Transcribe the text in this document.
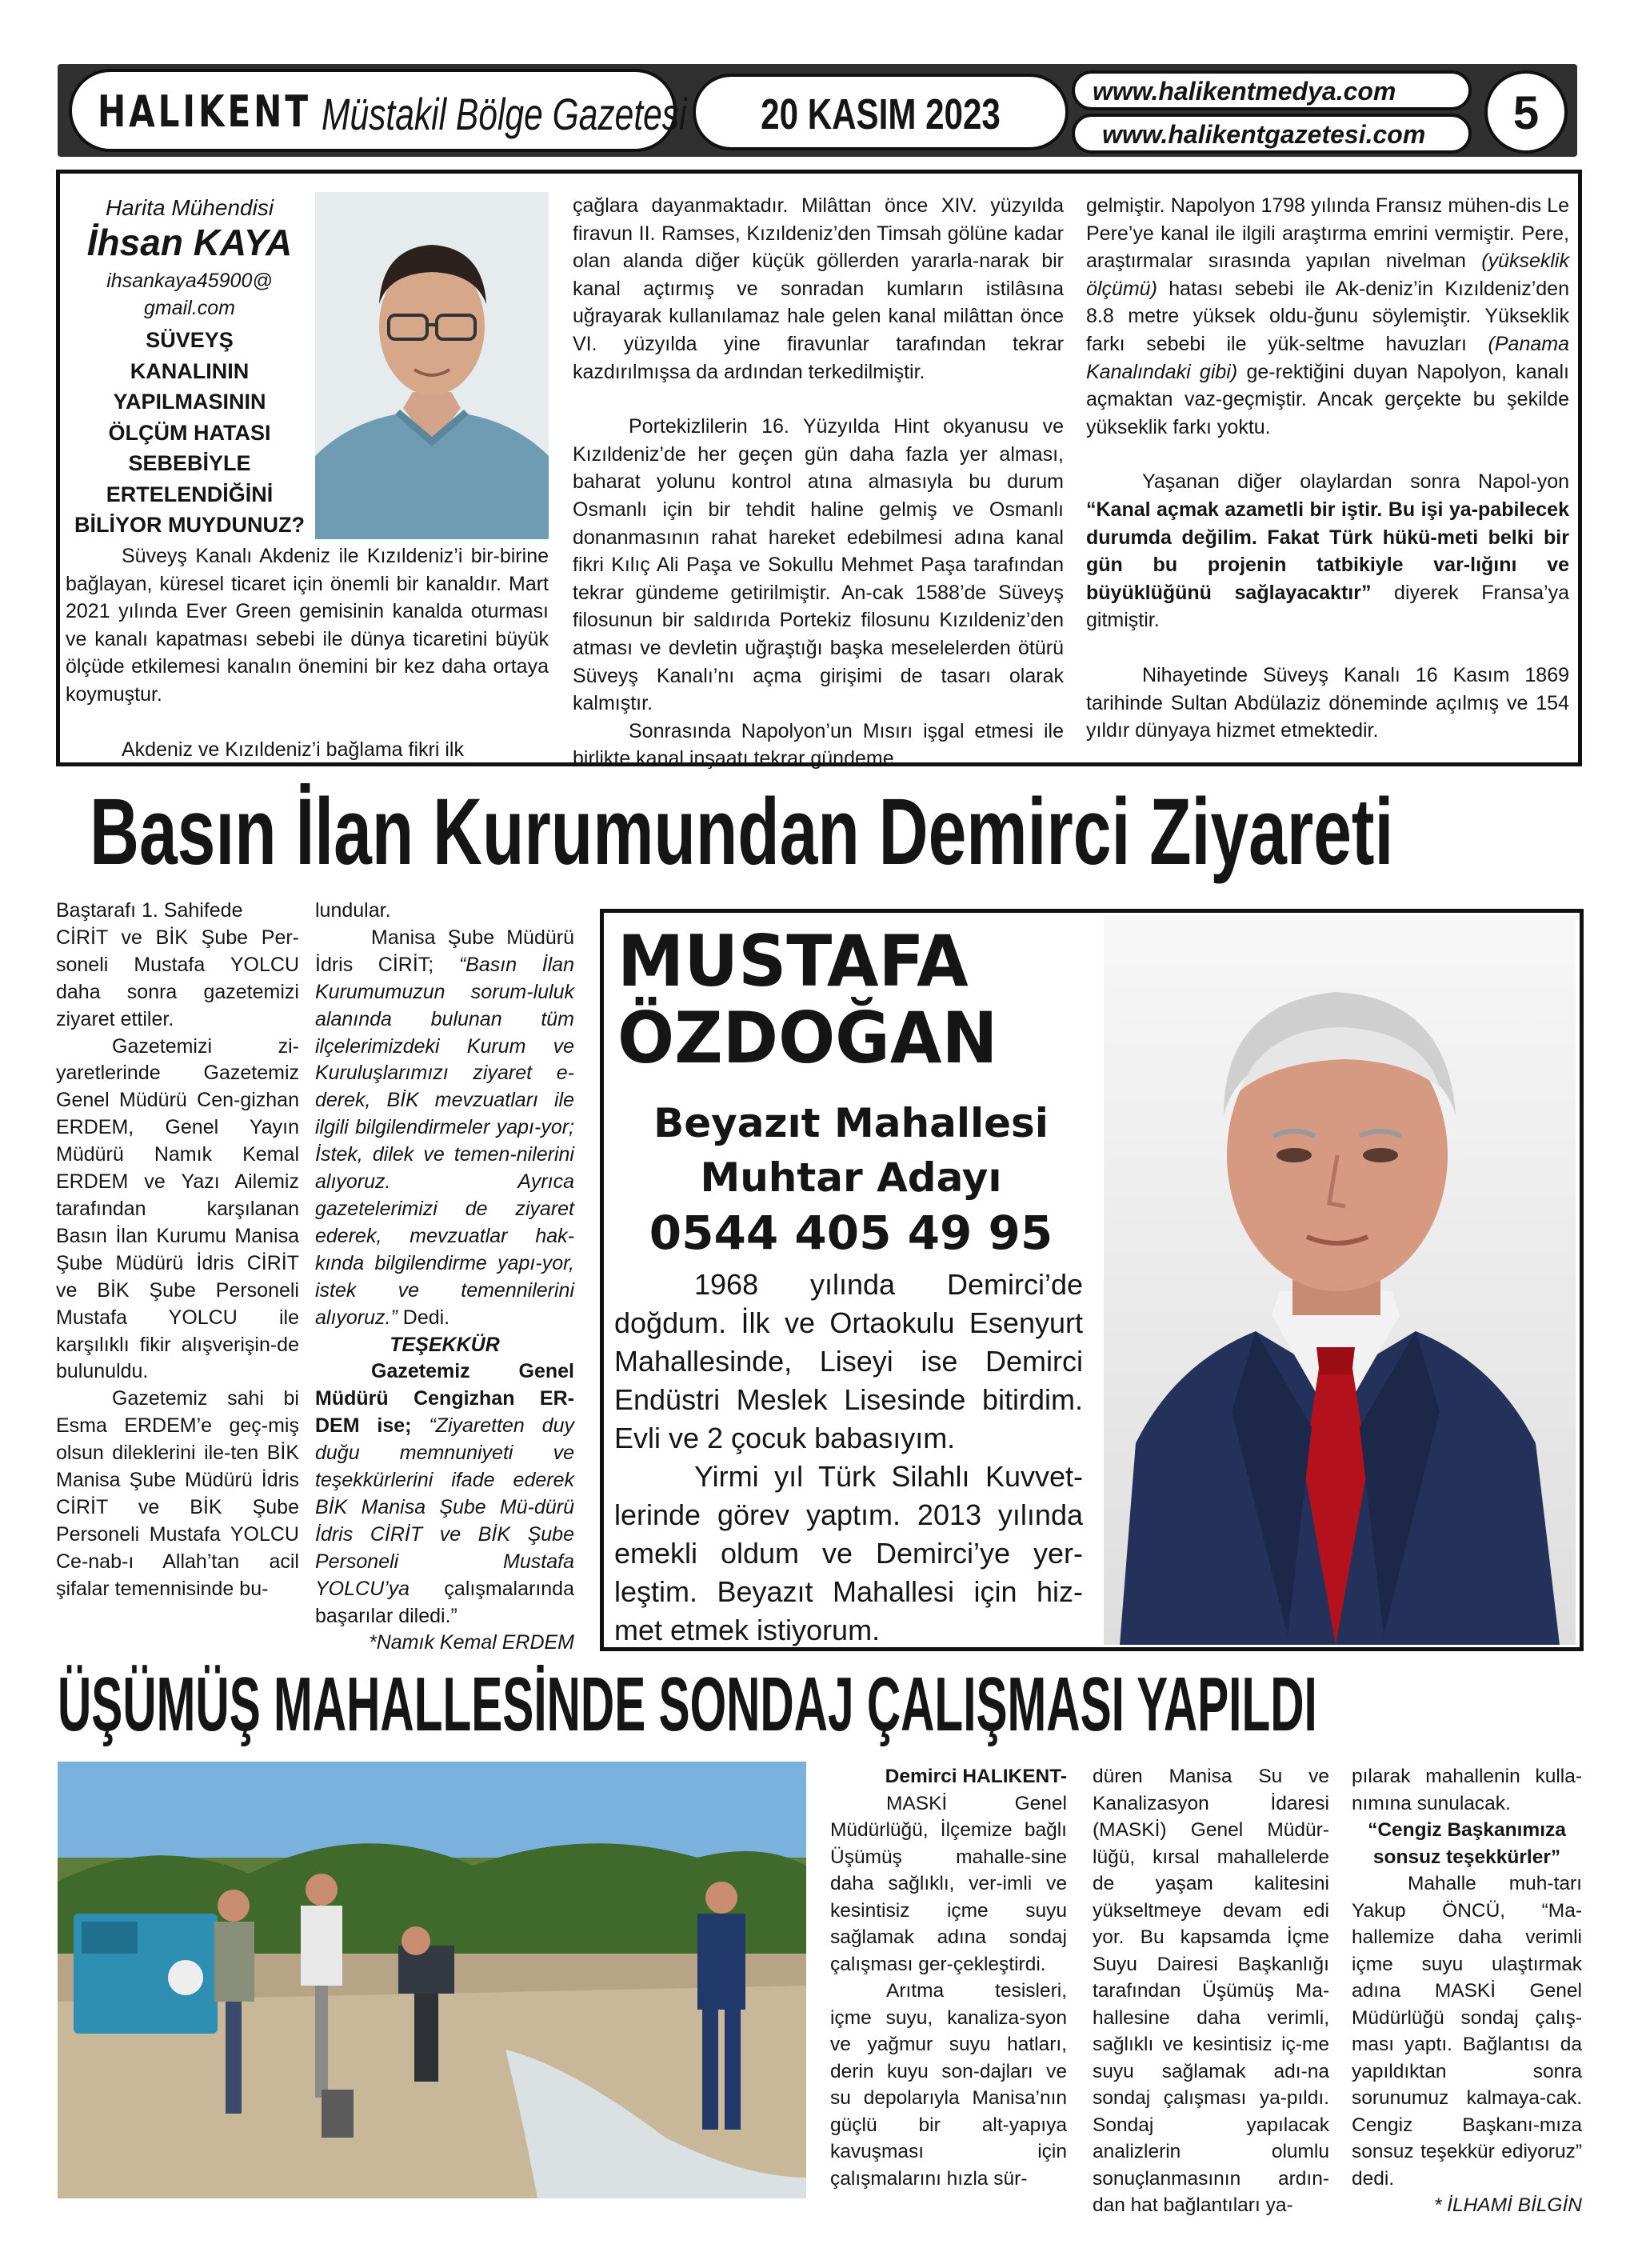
HALIKENT Müstakil Bölge Gazetesi	20 KASIM 2023	www.halikentmedya.com
www.halikentgazetesi.com	5

Harita Mühendisi

İhsan KAYA

ihsankaya45900@

gmail.com

SÜVEYŞ

KANALININ

YAPILMASININ

ÖLÇÜM HATASI

SEBEBİYLE

ERTELENDİĞİNİ

BİLİYOR MUYDUNUZ?

Süveyş Kanalı Akdeniz ile Kızıldeniz’i bir-birine bağlayan, küresel ticaret için önemli bir kanaldır. Mart 2021 yılında Ever Green gemisinin kanalda oturması ve kanalı kapatması sebebi ile dünya ticaretini büyük ölçüde etkilemesi kanalın önemini bir kez daha ortaya koymuştur.

Akdeniz ve Kızıldeniz’i bağlama fikri ilk

çağlara dayanmaktadır. Milâttan önce XIV. yüzyılda firavun II. Ramses, Kızıldeniz’den Timsah gölüne kadar olan alanda diğer küçük göllerden yararla-narak bir kanal açtırmış ve sonradan kumların istilâsına uğrayarak kullanılamaz hale gelen kanal milâttan önce VI. yüzyılda yine firavunlar tarafından tekrar kazdırılmışsa da ardından terkedilmiştir.

Portekizlilerin 16. Yüzyılda Hint okyanusu ve Kızıldeniz’de her geçen gün daha fazla yer alması, baharat yolunu kontrol atına almasıyla bu durum Osmanlı için bir tehdit haline gelmiş ve Osmanlı donanmasının rahat hareket edebilmesi adına kanal fikri Kılıç Ali Paşa ve Sokullu Mehmet Paşa tarafından tekrar gündeme getirilmiştir. An-cak 1588’de Süveyş filosunun bir saldırıda Portekiz filosunu Kızıldeniz’den atması ve devletin uğraştığı başka meselelerden ötürü Süveyş Kanalı’nı açma girişimi de tasarı olarak kalmıştır.

Sonrasında Napolyon’un Mısırı işgal etmesi ile birlikte kanal inşaatı tekrar gündeme

gelmiştir. Napolyon 1798 yılında Fransız mühen-dis Le Pere’ye kanal ile ilgili araştırma emrini vermiştir. Pere, araştırmalar sırasında yapılan nivelman (yükseklik ölçümü) hatası sebebi ile Ak-deniz’in Kızıldeniz’den 8.8 metre yüksek oldu-ğunu söylemiştir. Yükseklik farkı sebebi ile yük-seltme havuzları (Panama Kanalındaki gibi) ge-rektiğini duyan Napolyon, kanalı açmaktan vaz-geçmiştir. Ancak gerçekte bu şekilde yükseklik farkı yoktu.

Yaşanan diğer olaylardan sonra Napol-yon “Kanal açmak azametli bir iştir. Bu işi ya-pabilecek durumda değilim. Fakat Türk hükü-meti belki bir gün bu projenin tatbikiyle var-lığını ve büyüklüğünü sağlayacaktır” diyerek Fransa’ya gitmiştir.

Nihayetinde Süveyş Kanalı 16 Kasım 1869 tarihinde Sultan Abdülaziz döneminde açılmış ve 154 yıldır dünyaya hizmet etmektedir.

Basın İlan Kurumundan Demirci Ziyareti

Baştarafı 1. Sahifede

CİRİT ve BİK Şube Per-soneli Mustafa YOLCU daha sonra gazetemizi ziyaret ettiler.

Gazetemizi zi-yaretlerinde Gazetemiz Genel Müdürü Cen-gizhan ERDEM, Genel Yayın Müdürü Namık Kemal ERDEM ve Yazı Ailemiz tarafından karşılanan Basın İlan Kurumu Manisa Şube Müdürü İdris CİRİT ve BİK Şube Personeli Mustafa YOLCU ile karşılıklı fikir alışverişin-de bulunuldu.

Gazetemiz sahi bi Esma ERDEM’e geç-miş olsun dileklerini ile-ten BİK Manisa Şube Müdürü İdris CİRİT ve BİK Şube Personeli Mustafa YOLCU Ce-nab-ı Allah’tan acil şifalar temennisinde bu-

lundular.

Manisa Şube Müdürü İdris CİRİT; “Basın İlan Kurumumuzun sorum-luluk alanında bulunan tüm ilçelerimizdeki Kurum ve Kuruluşlarımızı ziyaret e-derek, BİK mevzuatları ile ilgili bilgilendirmeler yapı-yor; İstek, dilek ve temen-nilerini alıyoruz. Ayrıca gazetelerimizi de ziyaret ederek, mevzuatlar hak-kında bilgilendirme yapı-yor, istek ve temennilerini alıyoruz.” Dedi.

TEŞEKKÜR

Gazetemiz Genel Müdürü Cengizhan ER-DEM ise; “Ziyaretten duy duğu memnuniyeti ve teşekkürlerini ifade ederek BİK Manisa Şube Mü-dürü İdris CİRİT ve BİK Şube Personeli Mustafa YOLCU’ya çalışmalarında başarılar diledi.”

*Namık Kemal ERDEM

MUSTAFA

ÖZDOĞAN

Beyazıt Mahallesi

Muhtar Adayı

0544 405 49 95

1968 yılında Demirci’de doğdum. İlk ve Ortaokulu Esenyurt Mahallesinde, Liseyi ise Demirci Endüstri Meslek Lisesinde bitirdim. Evli ve 2 çocuk babasıyım.

Yirmi yıl Türk Silahlı Kuvvet-lerinde görev yaptım. 2013 yılında emekli oldum ve Demirci’ye yer-leştim. Beyazıt Mahallesi için hiz-met etmek istiyorum.

ÜŞÜMÜŞ MAHALLESİNDE SONDAJ ÇALIŞMASI YAPILDI

Demirci HALIKENT-

MASKİ Genel Müdürlüğü, İlçemize bağlı Üşümüş mahalle-sine daha sağlıklı, ver-imli ve kesintisiz içme suyu sağlamak adına sondaj çalışması ger-çekleştirdi.

Arıtma tesisleri, içme suyu, kanaliza-syon ve yağmur suyu hatları, derin kuyu son-dajları ve su depolarıyla Manisa’nın güçlü bir alt-yapıya kavuşması için çalışmalarını hızla sür-

düren Manisa Su ve Kanalizasyon İdaresi (MASKİ) Genel Müdür-lüğü, kırsal mahallelerde de yaşam kalitesini yükseltmeye devam edi yor. Bu kapsamda İçme Suyu Dairesi Başkanlığı tarafından Üşümüş Ma-hallesine daha verimli, sağlıklı ve kesintisiz iç-me suyu sağlamak adı-na sondaj çalışması ya-pıldı. Sondaj yapılacak analizlerin olumlu sonuçlanmasının ardın-dan hat bağlantıları ya-

pılarak mahallenin kulla-nımına sunulacak.

“Cengiz Başkanımıza sonsuz teşekkürler”

Mahalle muh-tarı Yakup ÖNCÜ, “Ma-hallemize daha verimli içme suyu ulaştırmak adına MASKİ Genel Müdürlüğü sondaj çalış-ması yaptı. Bağlantısı da yapıldıktan sonra sorunumuz kalmaya-cak. Cengiz Başkanı-mıza sonsuz teşekkür ediyoruz” dedi.

* İLHAMİ BİLGİN
